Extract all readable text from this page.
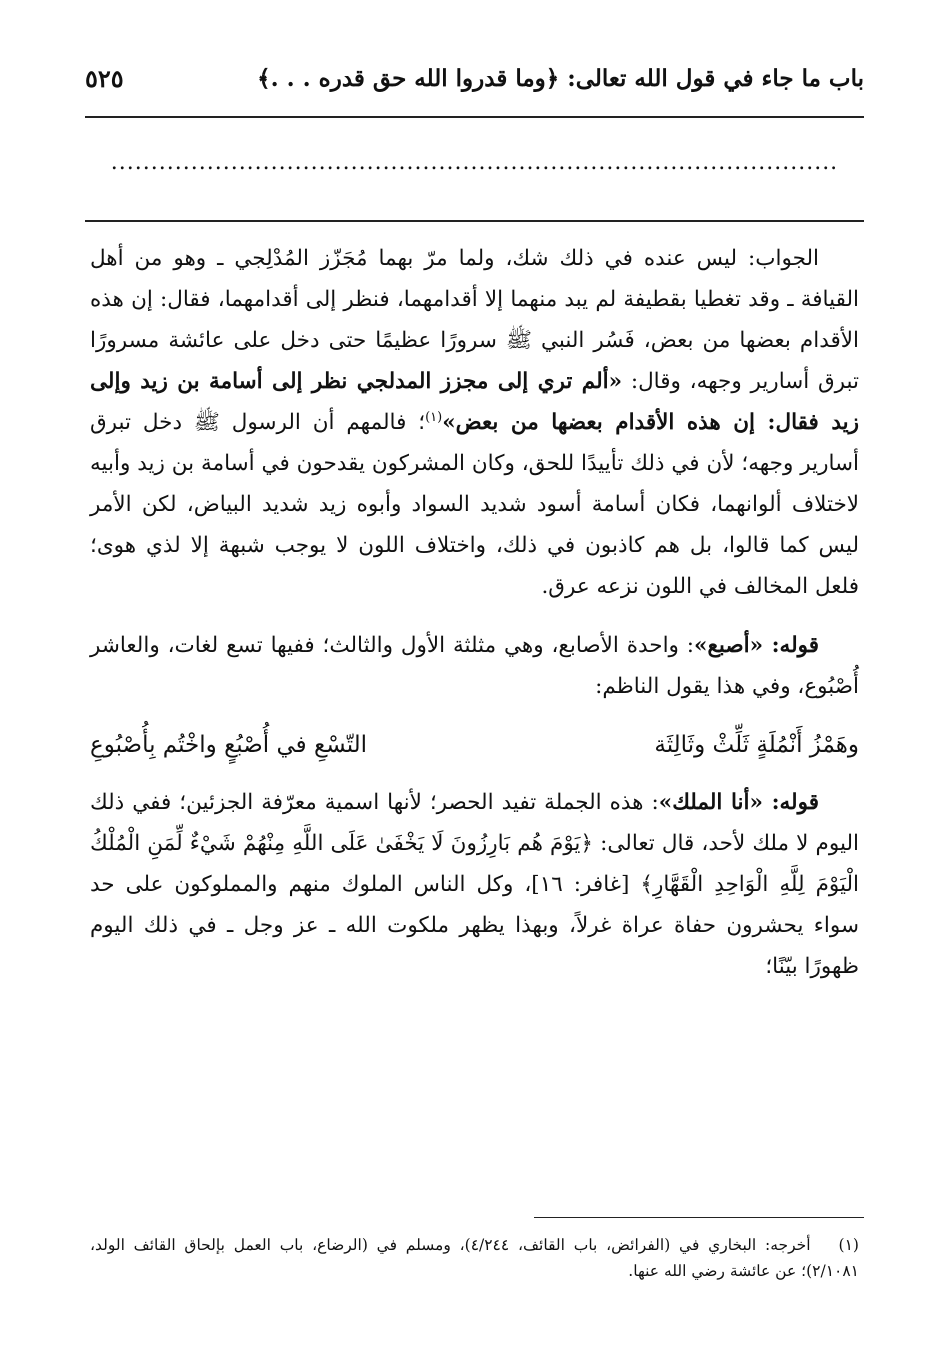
٥٢٥	باب ما جاء في قول الله تعالى: ﴿وما قدروا الله حق قدره . . .﴾
...........................................................................................

الجواب: ليس عنده في ذلك شك، ولما مرّ بهما مُجَزّز المُدْلِجي ـ وهو من أهل القيافة ـ وقد تغطيا بقطيفة لم يبد منهما إلا أقدامهما، فنظر إلى أقدامهما، فقال: إن هذه الأقدام بعضها من بعض، فَسُر النبي ﷺ سرورًا عظيمًا حتى دخل على عائشة مسرورًا تبرق أسارير وجهه، وقال: «ألم تري إلى مجزز المدلجي نظر إلى أسامة بن زيد وإلى زيد فقال: إن هذه الأقدام بعضها من بعض»$^{(١)}$؛ فالمهم أن الرسول ﷺ دخل تبرق أسارير وجهه؛ لأن في ذلك تأييدًا للحق، وكان المشركون يقدحون في أسامة بن زيد وأبيه لاختلاف ألوانهما، فكان أسامة أسود شديد السواد وأبوه زيد شديد البياض، لكن الأمر ليس كما قالوا، بل هم كاذبون في ذلك، واختلاف اللون لا يوجب شبهة إلا لذي هوى؛ فلعل المخالف في اللون نزعه عرق.

قوله: «أصبع»: واحدة الأصابع، وهي مثلثة الأول والثالث؛ ففيها تسع لغات، والعاشر أُصْبُوع، وفي هذا يقول الناظم:

وهَمْزُ أَنْمُلَةٍ ثَلِّثْ وثَالِثَة
التّسْعِ في أُصْبُعٍ واخْتُم بِأُصْبُوعِ

قوله: «أنا الملك»: هذه الجملة تفيد الحصر؛ لأنها اسمية معرّفة الجزئين؛ ففي ذلك اليوم لا ملك لأحد، قال تعالى: ﴿يَوْمَ هُم بَارِزُونَ لَا يَخْفَىٰ عَلَى اللَّهِ مِنْهُمْ شَيْءٌ لِّمَنِ الْمُلْكُ الْيَوْمَ لِلَّهِ الْوَاحِدِ الْقَهَّارِ﴾ [غافر: ١٦]، وكل الناس الملوك منهم والمملوكون على حد سواء يحشرون حفاة عراة غرلاً، وبهذا يظهر ملكوت الله ـ عز وجل ـ في ذلك اليوم ظهورًا بيّنًا؛

(١)أخرجه: البخاري في (الفرائض، باب القائف، ٤/٢٤٤)، ومسلم في (الرضاع، باب العمل بإلحاق القائف الولد، ٢/١٠٨١)؛ عن عائشة رضي الله عنها.
